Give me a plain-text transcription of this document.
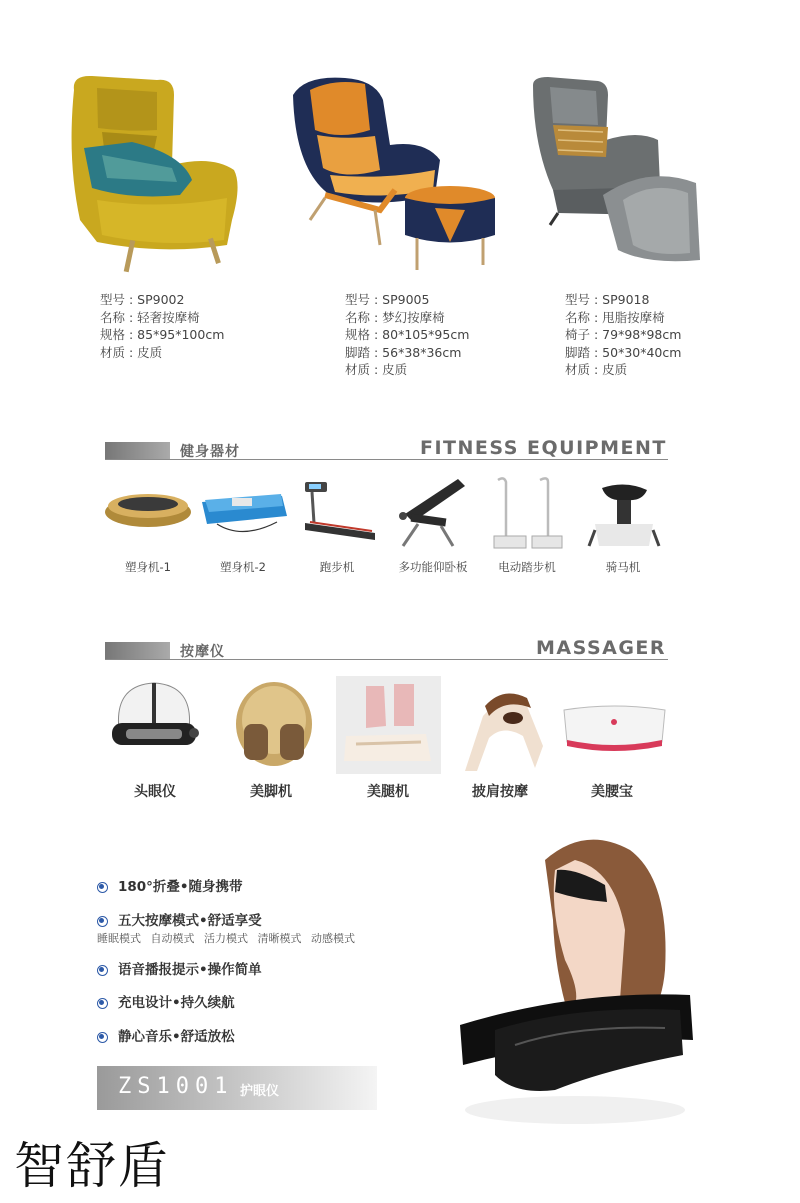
型号 : SP9002
名称 : 轻奢按摩椅
规格 : 85*95*100cm
材质 : 皮质
型号 : SP9005
名称 : 梦幻按摩椅
规格 : 80*105*95cm
脚踏 : 56*38*36cm
材质 : 皮质
型号 : SP9018
名称 : 甩脂按摩椅
椅子 : 79*98*98cm
脚踏 : 50*30*40cm
材质 : 皮质
健身器材	FITNESS EQUIPMENT
塑身机-1	塑身机-2	跑步机	多功能仰卧板	电动踏步机	骑马机
按摩仪	MASSAGER
头眼仪	美脚机	美腿机	披肩按摩	美腰宝
180°折叠•随身携带
五大按摩模式•舒适享受
睡眠模式 自动模式 活力模式 清晰模式 动感模式
语音播报提示•操作简单
充电设计•持久续航
静心音乐•舒适放松
ZS1001 护眼仪
智舒盾
